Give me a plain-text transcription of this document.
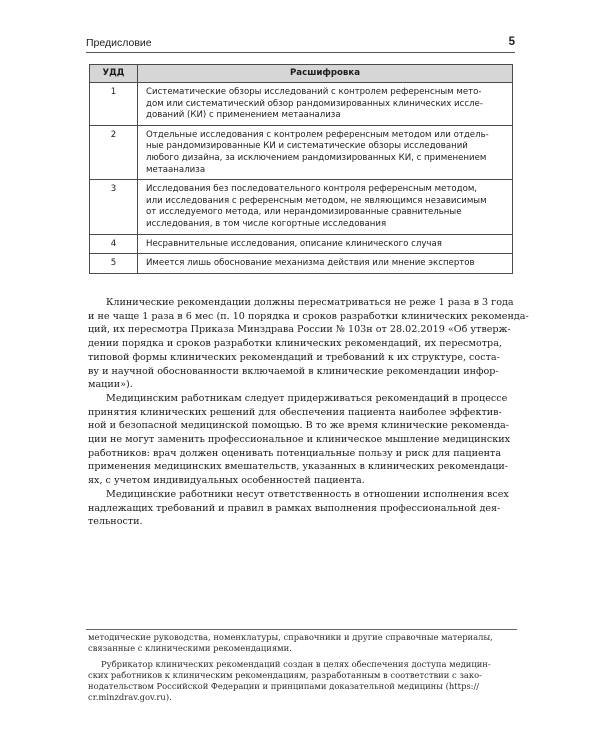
Предисловие	5
УДД	Расшифровка
1	Систематические обзоры исследований с контролем референсным мето-
дом или систематический обзор рандомизированных клинических иссле-
дований (КИ) с применением метаанализа

2	Отдельные исследования с контролем референсным методом или отдель-
ные рандомизированные КИ и систематические обзоры исследований
любого дизайна, за исключением рандомизированных КИ, с применением
метаанализа

3	Исследования без последовательного контроля референсным методом,
или исследования с референсным методом, не являющимся независимым
от исследуемого метода, или нерандомизированные сравнительные
исследования, в том числе когортные исследования

4	Несравнительные исследования, описание клинического случая

5	Имеется лишь обоснование механизма действия или мнение экспертов

Клинические рекомендации должны пересматриваться не реже 1 раза в 3 года
и не чаще 1 раза в 6 мес (п. 10 порядка и сроков разработки клинических рекоменда-
ций, их пересмотра Приказа Минздрава России № 103н от 28.02.2019 «Об утверж-
дении порядка и сроков разработки клинических рекомендаций, их пересмотра,
типовой формы клинических рекомендаций и требований к их структуре, соста-
ву и научной обоснованности включаемой в клинические рекомендации инфор-
мации»).

Медицинским работникам следует придерживаться рекомендаций в процессе
принятия клинических решений для обеспечения пациента наиболее эффектив-
ной и безопасной медицинской помощью. В то же время клинические рекоменда-
ции не могут заменить профессиональное и клиническое мышление медицинских
работников: врач должен оценивать потенциальные пользу и риск для пациента
применения медицинских вмешательств, указанных в клинических рекомендаци-
ях, с учетом индивидуальных особенностей пациента.

Медицинские работники несут ответственность в отношении исполнения всех
надлежащих требований и правил в рамках выполнения профессиональной дея-
тельности.

методические руководства, номенклатуры, справочники и другие справочные материалы,
связанные с клиническими рекомендациями.

Рубрикатор клинических рекомендаций создан в целях обеспечения доступа медицин-
ских работников к клиническим рекомендациям, разработанным в соответствии с зако-
нодательством Российской Федерации и принципами доказательной медицины (https://
cr.minzdrav.gov.ru).
